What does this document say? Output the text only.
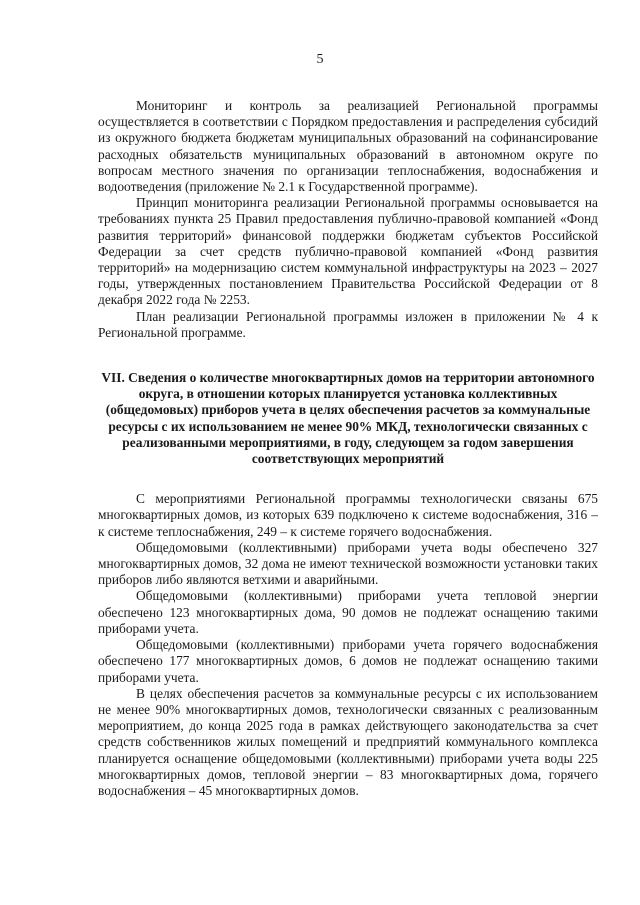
5

Мониторинг и контроль за реализацией Региональной программы осуществляется в соответствии с Порядком предоставления и распределения субсидий из окружного бюджета бюджетам муниципальных образований на софинансирование расходных обязательств муниципальных образований в автономном округе по вопросам местного значения по организации теплоснабжения, водоснабжения и водоотведения (приложение № 2.1 к Государственной программе).

Принцип мониторинга реализации Региональной программы основывается на требованиях пункта 25 Правил предоставления публично-правовой компанией «Фонд развития территорий» финансовой поддержки бюджетам субъектов Российской Федерации за счет средств публично-правовой компанией «Фонд развития территорий» на модернизацию систем коммунальной инфраструктуры на 2023 – 2027 годы, утвержденных постановлением Правительства Российской Федерации от 8 декабря 2022 года № 2253.

План реализации Региональной программы изложен в приложении № 4 к Региональной программе.

VII. Сведения о количестве многоквартирных домов на территории автономного округа, в отношении которых планируется установка коллективных (общедомовых) приборов учета в целях обеспечения расчетов за коммунальные ресурсы с их использованием не менее 90% МКД, технологически связанных с реализованными мероприятиями, в году, следующем за годом завершения соответствующих мероприятий

С мероприятиями Региональной программы технологически связаны 675 многоквартирных домов, из которых 639 подключено к системе водоснабжения, 316 – к системе теплоснабжения, 249 – к системе горячего водоснабжения.

Общедомовыми (коллективными) приборами учета воды обеспечено 327 многоквартирных домов, 32 дома не имеют технической возможности установки таких приборов либо являются ветхими и аварийными.

Общедомовыми (коллективными) приборами учета тепловой энергии обеспечено 123 многоквартирных дома, 90 домов не подлежат оснащению такими приборами учета.

Общедомовыми (коллективными) приборами учета горячего водоснабжения обеспечено 177 многоквартирных домов, 6 домов не подлежат оснащению такими приборами учета.

В целях обеспечения расчетов за коммунальные ресурсы с их использованием не менее 90% многоквартирных домов, технологически связанных с реализованным мероприятием, до конца 2025 года в рамках действующего законодательства за счет средств собственников жилых помещений и предприятий коммунального комплекса планируется оснащение общедомовыми (коллективными) приборами учета воды 225 многоквартирных домов, тепловой энергии – 83 многоквартирных дома, горячего водоснабжения – 45 многоквартирных домов.
